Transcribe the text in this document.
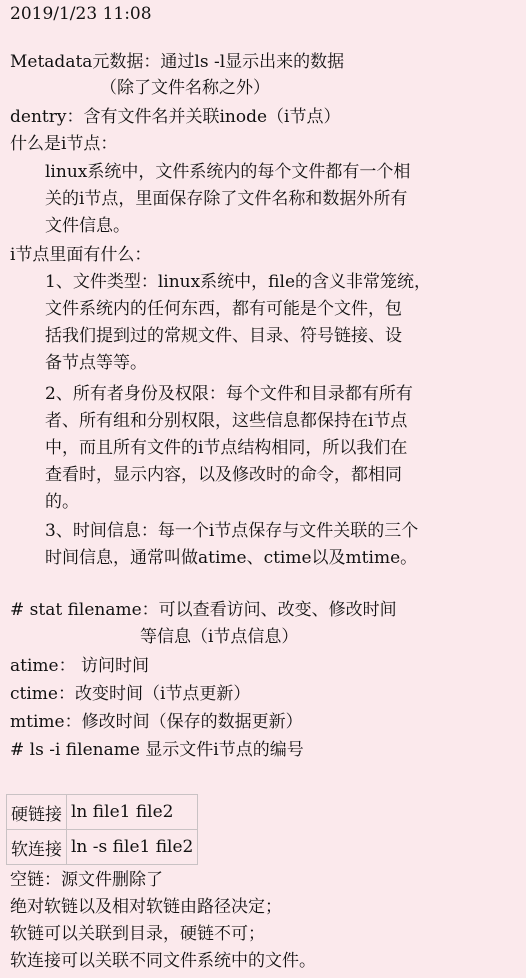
2019/1/23 11:08
Metadata元数据：通过ls -l显示出来的数据
（除了文件名称之外）
dentry：含有文件名并关联inode（i节点）
什么是i节点：
linux系统中，文件系统内的每个文件都有一个相
关的i节点，里面保存除了文件名称和数据外所有
文件信息。
i节点里面有什么：
1、文件类型：linux系统中，file的含义非常笼统，
文件系统内的任何东西，都有可能是个文件，包
括我们提到过的常规文件、目录、符号链接、设
备节点等等。
2、所有者身份及权限：每个文件和目录都有所有
者、所有组和分别权限，这些信息都保持在i节点
中，而且所有文件的i节点结构相同，所以我们在
查看时，显示内容，以及修改时的命令，都相同
的。
3、时间信息：每一个i节点保存与文件关联的三个
时间信息，通常叫做atime、ctime以及mtime。
# stat filename：可以查看访问、改变、修改时间
等信息（i节点信息）
atime： 访问时间
ctime：改变时间（i节点更新）
mtime：修改时间（保存的数据更新）
# ls -i filename 显示文件i节点的编号
硬链接	ln file1 file2
软连接	ln -s file1 file2
空链：源文件删除了
绝对软链以及相对软链由路径决定；
软链可以关联到目录，硬链不可；
软连接可以关联不同文件系统中的文件。
